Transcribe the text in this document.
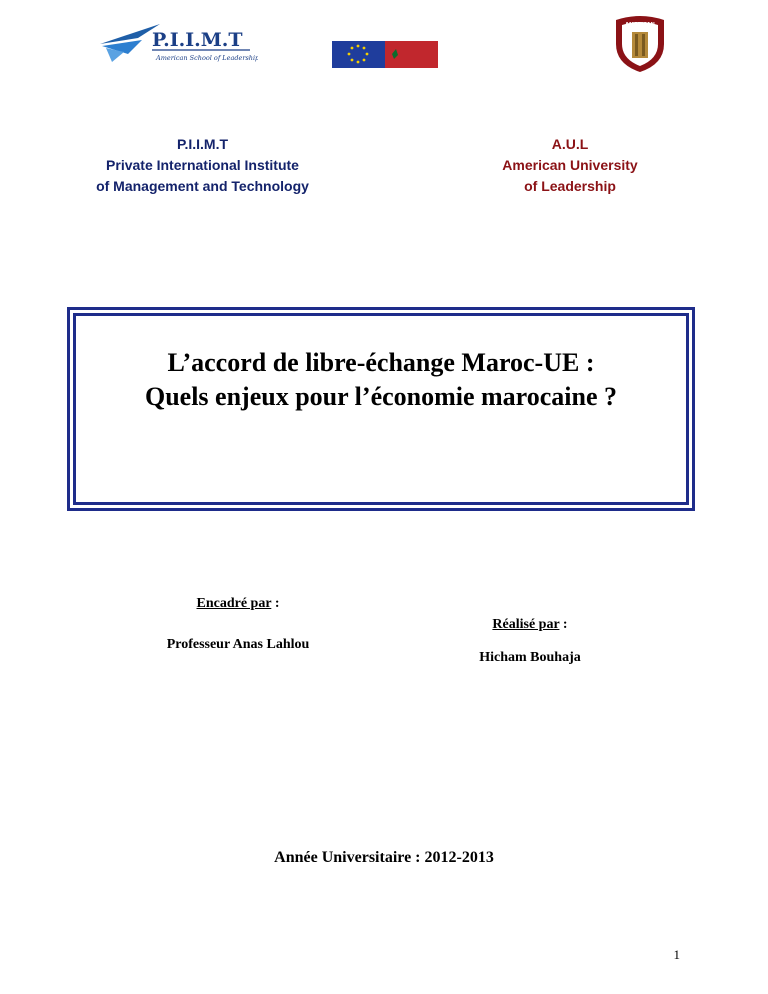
P.I.I.M.T
American School of Leadership
AMERICAN
P.I.I.M.T
Private International Institute
of Management and Technology
A.U.L
American University
of Leadership
L’accord de libre-échange Maroc-UE :
Quels enjeux pour l’économie marocaine ?
Encadré par :
Professeur Anas Lahlou
Réalisé par :
Hicham Bouhaja
Année Universitaire : 2012-2013
1
